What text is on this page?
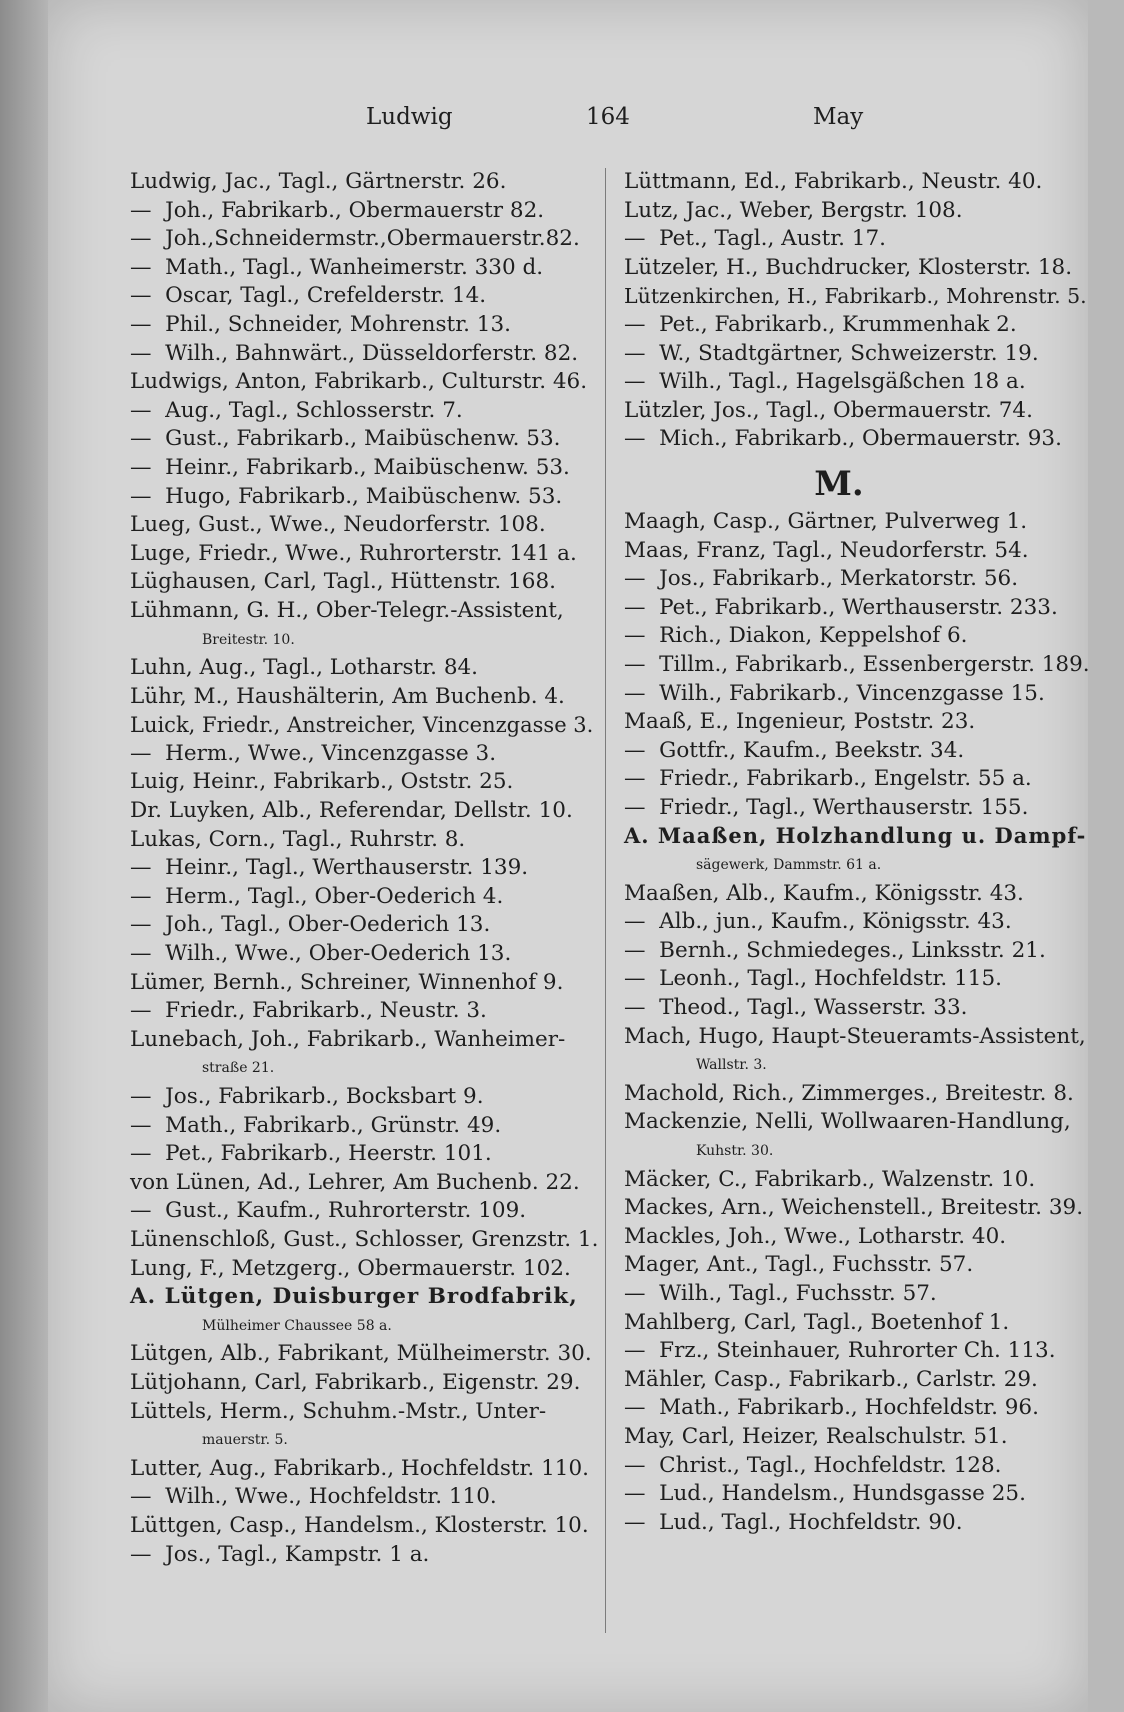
Ludwig	164	May
Ludwig, Jac., Tagl., Gärtnerstr. 26.
—  Joh., Fabrikarb., Obermauerstr 82.
—  Joh.,Schneidermstr.,Obermauerstr.82.
—  Math., Tagl., Wanheimerstr. 330 d.
—  Oscar, Tagl., Crefelderstr. 14.
—  Phil., Schneider, Mohrenstr. 13.
—  Wilh., Bahnwärt., Düsseldorferstr. 82.
Ludwigs, Anton, Fabrikarb., Culturstr. 46.
—  Aug., Tagl., Schlosserstr. 7.
—  Gust., Fabrikarb., Maibüschenw. 53.
—  Heinr., Fabrikarb., Maibüschenw. 53.
—  Hugo, Fabrikarb., Maibüschenw. 53.
Lueg, Gust., Wwe., Neudorferstr. 108.
Luge, Friedr., Wwe., Ruhrorterstr. 141 a.
Lüghausen, Carl, Tagl., Hüttenstr. 168.
Lühmann, G. H., Ober-Telegr.-Assistent,
Breitestr. 10.
Luhn, Aug., Tagl., Lotharstr. 84.
Lühr, M., Haushälterin, Am Buchenb. 4.
Luick, Friedr., Anstreicher, Vincenzgasse 3.
—  Herm., Wwe., Vincenzgasse 3.
Luig, Heinr., Fabrikarb., Oststr. 25.
Dr. Luyken, Alb., Referendar, Dellstr. 10.
Lukas, Corn., Tagl., Ruhrstr. 8.
—  Heinr., Tagl., Werthauserstr. 139.
—  Herm., Tagl., Ober-Oederich 4.
—  Joh., Tagl., Ober-Oederich 13.
—  Wilh., Wwe., Ober-Oederich 13.
Lümer, Bernh., Schreiner, Winnenhof 9.
—  Friedr., Fabrikarb., Neustr. 3.
Lunebach, Joh., Fabrikarb., Wanheimer-
straße 21.
—  Jos., Fabrikarb., Bocksbart 9.
—  Math., Fabrikarb., Grünstr. 49.
—  Pet., Fabrikarb., Heerstr. 101.
von Lünen, Ad., Lehrer, Am Buchenb. 22.
—  Gust., Kaufm., Ruhrorterstr. 109.
Lünenschloß, Gust., Schlosser, Grenzstr. 1.
Lung, F., Metzgerg., Obermauerstr. 102.
A. Lütgen, Duisburger Brodfabrik,
Mülheimer Chaussee 58 a.
Lütgen, Alb., Fabrikant, Mülheimerstr. 30.
Lütjohann, Carl, Fabrikarb., Eigenstr. 29.
Lüttels, Herm., Schuhm.-Mstr., Unter-
mauerstr. 5.
Lutter, Aug., Fabrikarb., Hochfeldstr. 110.
—  Wilh., Wwe., Hochfeldstr. 110.
Lüttgen, Casp., Handelsm., Klosterstr. 10.
—  Jos., Tagl., Kampstr. 1 a.
Lüttmann, Ed., Fabrikarb., Neustr. 40.
Lutz, Jac., Weber, Bergstr. 108.
—  Pet., Tagl., Austr. 17.
Lützeler, H., Buchdrucker, Klosterstr. 18.
Lützenkirchen, H., Fabrikarb., Mohrenstr. 5.
—  Pet., Fabrikarb., Krummenhak 2.
—  W., Stadtgärtner, Schweizerstr. 19.
—  Wilh., Tagl., Hagelsgäßchen 18 a.
Lützler, Jos., Tagl., Obermauerstr. 74.
—  Mich., Fabrikarb., Obermauerstr. 93.
M.
Maagh, Casp., Gärtner, Pulverweg 1.
Maas, Franz, Tagl., Neudorferstr. 54.
—  Jos., Fabrikarb., Merkatorstr. 56.
—  Pet., Fabrikarb., Werthauserstr. 233.
—  Rich., Diakon, Keppelshof 6.
—  Tillm., Fabrikarb., Essenbergerstr. 189.
—  Wilh., Fabrikarb., Vincenzgasse 15.
Maaß, E., Ingenieur, Poststr. 23.
—  Gottfr., Kaufm., Beekstr. 34.
—  Friedr., Fabrikarb., Engelstr. 55 a.
—  Friedr., Tagl., Werthauserstr. 155.
A. Maaßen, Holzhandlung u. Dampf-
sägewerk, Dammstr. 61 a.
Maaßen, Alb., Kaufm., Königsstr. 43.
—  Alb., jun., Kaufm., Königsstr. 43.
—  Bernh., Schmiedeges., Linksstr. 21.
—  Leonh., Tagl., Hochfeldstr. 115.
—  Theod., Tagl., Wasserstr. 33.
Mach, Hugo, Haupt-Steueramts-Assistent,
Wallstr. 3.
Machold, Rich., Zimmerges., Breitestr. 8.
Mackenzie, Nelli, Wollwaaren-Handlung,
Kuhstr. 30.
Mäcker, C., Fabrikarb., Walzenstr. 10.
Mackes, Arn., Weichenstell., Breitestr. 39.
Mackles, Joh., Wwe., Lotharstr. 40.
Mager, Ant., Tagl., Fuchsstr. 57.
—  Wilh., Tagl., Fuchsstr. 57.
Mahlberg, Carl, Tagl., Boetenhof 1.
—  Frz., Steinhauer, Ruhrorter Ch. 113.
Mähler, Casp., Fabrikarb., Carlstr. 29.
—  Math., Fabrikarb., Hochfeldstr. 96.
May, Carl, Heizer, Realschulstr. 51.
—  Christ., Tagl., Hochfeldstr. 128.
—  Lud., Handelsm., Hundsgasse 25.
—  Lud., Tagl., Hochfeldstr. 90.
